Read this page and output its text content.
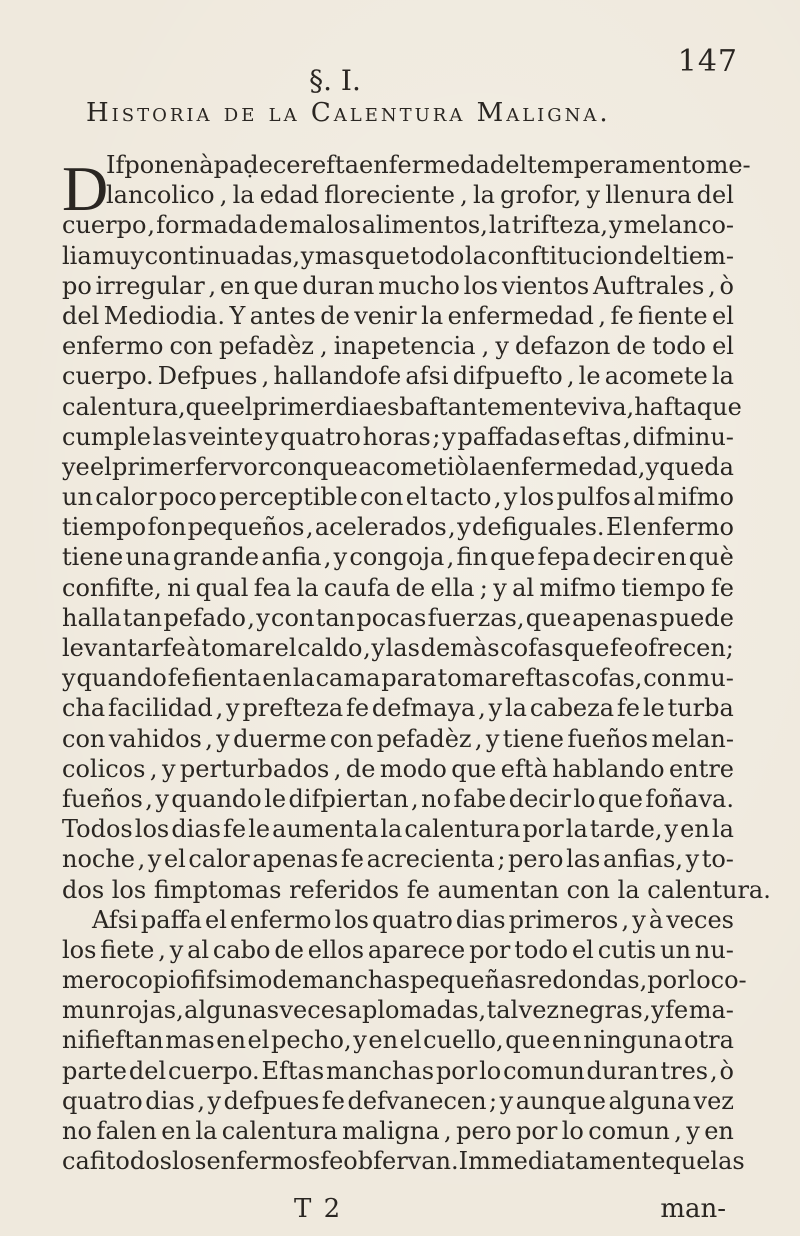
147
§. I.
Historia de la Calentura Maligna.
D
Ifponen à paḍecer efta enfermedad el temperamento me-
lancolico , la edad floreciente , la grofor, y llenura del
cuerpo , formada de malos alimentos, la trifteza, y melanco-
lia muy continuadas, y mas que todo la conftitucion del tiem-
po irregular , en que duran mucho los vientos Auftrales , ò
del Mediodia. Y antes de venir la enfermedad , fe fiente el
enfermo con pefadèz , inapetencia , y defazon de todo el
cuerpo. Defpues , hallandofe afsi difpuefto , le acomete la
calentura, que el primer dia es baftantemente viva, hafta que
cumple las veinte y quatro horas ; y paffadas eftas , difminu-
ye el primer fervor con que acometiò la enfermedad , y queda
un calor poco perceptible con el tacto , y los pulfos al mifmo
tiempo fon pequeños , acelerados , y defiguales. El enfermo
tiene una grande anfia , y congoja , fin que fepa decir en què
confifte, ni qual fea la caufa de ella ; y al mifmo tiempo fe
halla tan pefado , y con tan pocas fuerzas, que apenas puede
levantarfe à tomar el caldo , y las demàs cofas que fe ofrecen;
y quando fe fienta en la cama para tomar eftas cofas, con mu-
cha facilidad , y prefteza fe defmaya , y la cabeza fe le turba
con vahidos , y duerme con pefadèz , y tiene fueños melan-
colicos , y perturbados , de modo que eftà hablando entre
fueños , y quando le difpiertan , no fabe decir lo que foñava.
Todos los dias fe le aumenta la calentura por la tarde, y en la
noche , y el calor apenas fe acrecienta ; pero las anfias, y to-
dos los fimptomas referidos fe aumentan con la calentura.
Afsi paffa el enfermo los quatro dias primeros , y à veces
los fiete , y al cabo de ellos aparece por todo el cutis un nu-
mero copiofifsimo de manchas pequeñas redondas, por lo co-
mun rojas, algunas veces aplomadas, tal vez negras , y fe ma-
nifieftan mas en el pecho, y en el cuello, que en ninguna otra
parte del cuerpo. Eftas manchas por lo comun duran tres , ò
quatro dias , y defpues fe defvanecen ; y aunque alguna vez
no falen en la calentura maligna , pero por lo comun , y en
cafi todos los enfermos fe obfervan. Immediatamente que las
T 2	man-
